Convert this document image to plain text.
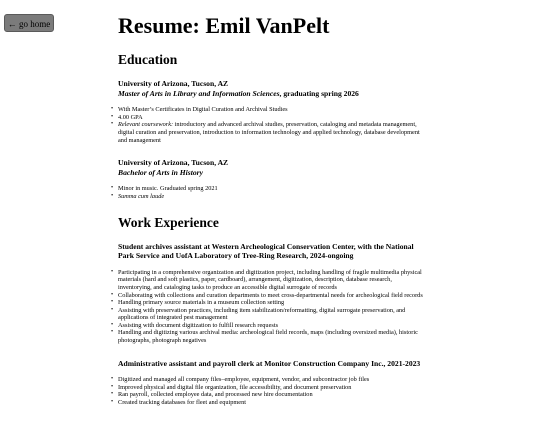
← go home	Resume: Emil VanPelt
Education
University of Arizona, Tucson, AZ

Master of Arts in Library and Information Sciences, graduating spring 2026

• With Master’s Certificates in Digital Curation and Archival Studies
• 4.00 GPA
• Relevant coursework: introductory and advanced archival studies, preservation, cataloging and metadata management, digital curation and preservation, introduction to information technology and applied technology, database development and management
University of Arizona, Tucson, AZ

Bachelor of Arts in History

• Minor in music. Graduated spring 2021
• Summa cum laude
Work Experience
Student archives assistant at Western Archeological Conservation Center, with the National Park Service and UofA Laboratory of Tree-Ring Research, 2024-ongoing
• Participating in a comprehensive organization and digitization project, including handling of fragile multimedia physical materials (hard and soft plastics, paper, cardboard), arrangement, digitization, description, database research, inventorying, and cataloging tasks to produce an accessible digital surrogate of records
• Collaborating with collections and curation departments to meet cross-departmental needs for archeological field records
• Handling primary source materials in a museum collection setting
• Assisting with preservation practices, including item stabilization/reformatting, digital surrogate preservation, and applications of integrated pest management
• Assisting with document digitization to fulfill research requests
• Handling and digitizing various archival media: archeological field records, maps (including oversized media), historic photographs, photograph negatives
Administrative assistant and payroll clerk at Monitor Construction Company Inc., 2021-2023
• Digitized and managed all company files–employee, equipment, vendor, and subcontractor job files
• Improved physical and digital file organization, file accessibility, and document preservation
• Ran payroll, collected employee data, and processed new hire documentation
• Created tracking databases for fleet and equipment
